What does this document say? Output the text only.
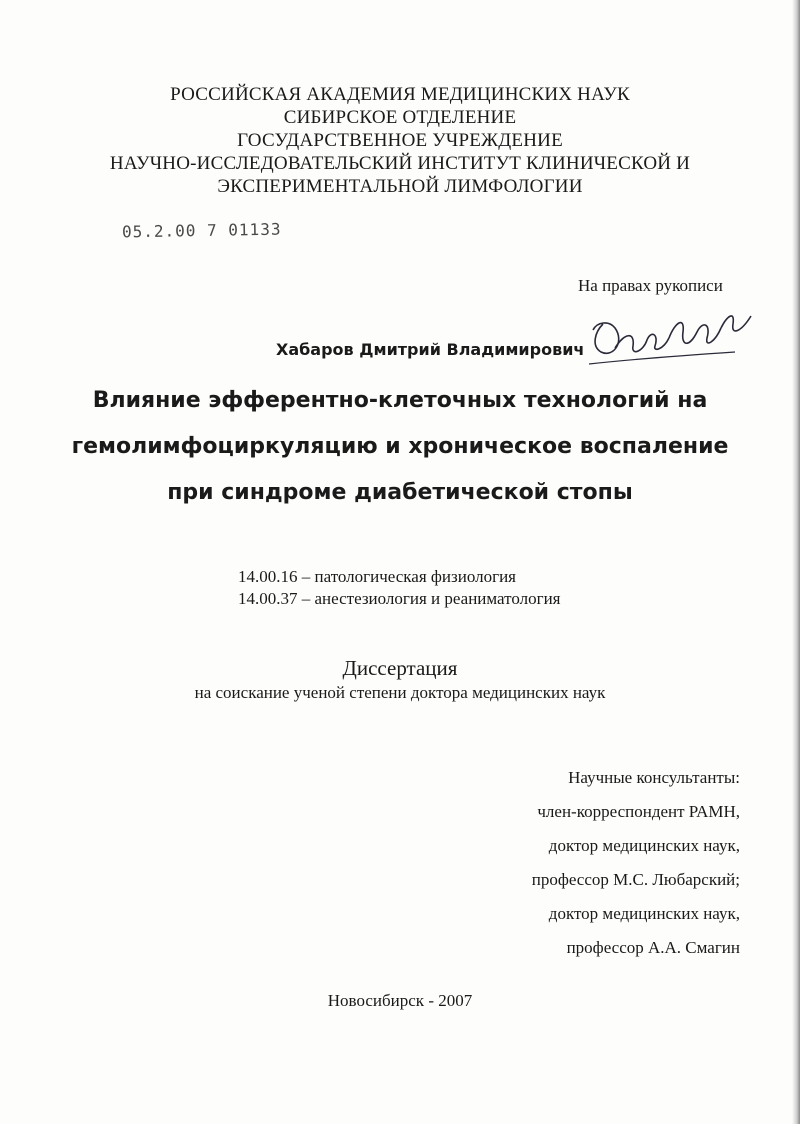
РОССИЙСКАЯ АКАДЕМИЯ МЕДИЦИНСКИХ НАУК
СИБИРСКОЕ ОТДЕЛЕНИЕ
ГОСУДАРСТВЕННОЕ УЧРЕЖДЕНИЕ
НАУЧНО-ИССЛЕДОВАТЕЛЬСКИЙ ИНСТИТУТ КЛИНИЧЕСКОЙ И
ЭКСПЕРИМЕНТАЛЬНОЙ ЛИМФОЛОГИИ
05.2.00 7 01133
На правах рукописи
Хабаров Дмитрий Владимирович
Влияние эфферентно-клеточных технологий на
гемолимфоциркуляцию и хроническое воспаление
при синдроме диабетической стопы
14.00.16 – патологическая физиология
14.00.37 – анестезиология и реаниматология
Диссертация
на соискание ученой степени доктора медицинских наук
Научные консультанты:
член-корреспондент РАМН,
доктор медицинских наук,
профессор М.С. Любарский;
доктор медицинских наук,
профессор А.А. Смагин
Новосибирск - 2007
